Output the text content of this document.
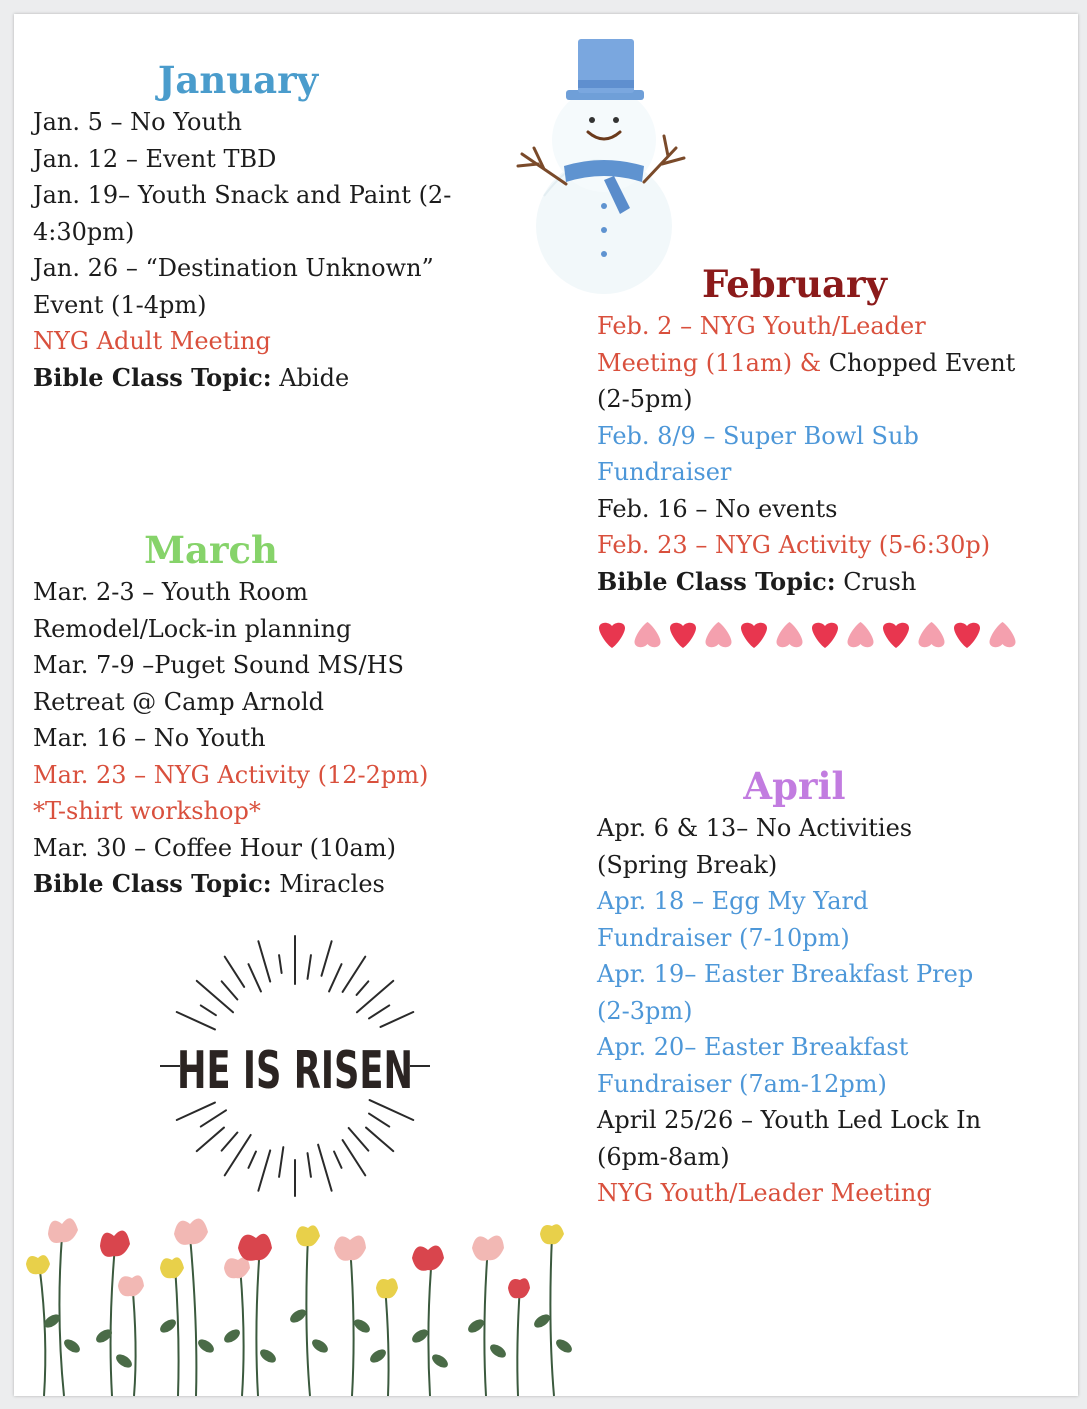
January
Jan. 5 – No Youth
Jan. 12 – Event TBD
Jan. 19– Youth Snack and Paint (2-
4:30pm)
Jan. 26 – “Destination Unknown”
Event (1-4pm)
NYG Adult Meeting
Bible Class Topic: Abide
February
Feb. 2 – NYG Youth/Leader
Meeting (11am) & Chopped Event
(2-5pm)
Feb. 8/9 – Super Bowl Sub
Fundraiser
Feb. 16 – No events
Feb. 23 – NYG Activity (5-6:30p)
Bible Class Topic: Crush
March
Mar. 2-3 – Youth Room
Remodel/Lock-in planning
Mar. 7-9 –Puget Sound MS/HS
Retreat @ Camp Arnold
Mar. 16 – No Youth
Mar. 23 – NYG Activity (12-2pm)
*T-shirt workshop*
Mar. 30 – Coffee Hour (10am)
Bible Class Topic: Miracles
April
Apr. 6 & 13– No Activities
(Spring Break)
Apr. 18 – Egg My Yard
Fundraiser (7-10pm)
Apr. 19– Easter Breakfast Prep
(2-3pm)
Apr. 20– Easter Breakfast
Fundraiser (7am-12pm)
April 25/26 – Youth Led Lock In
(6pm-8am)
NYG Youth/Leader Meeting
HE IS RISEN
